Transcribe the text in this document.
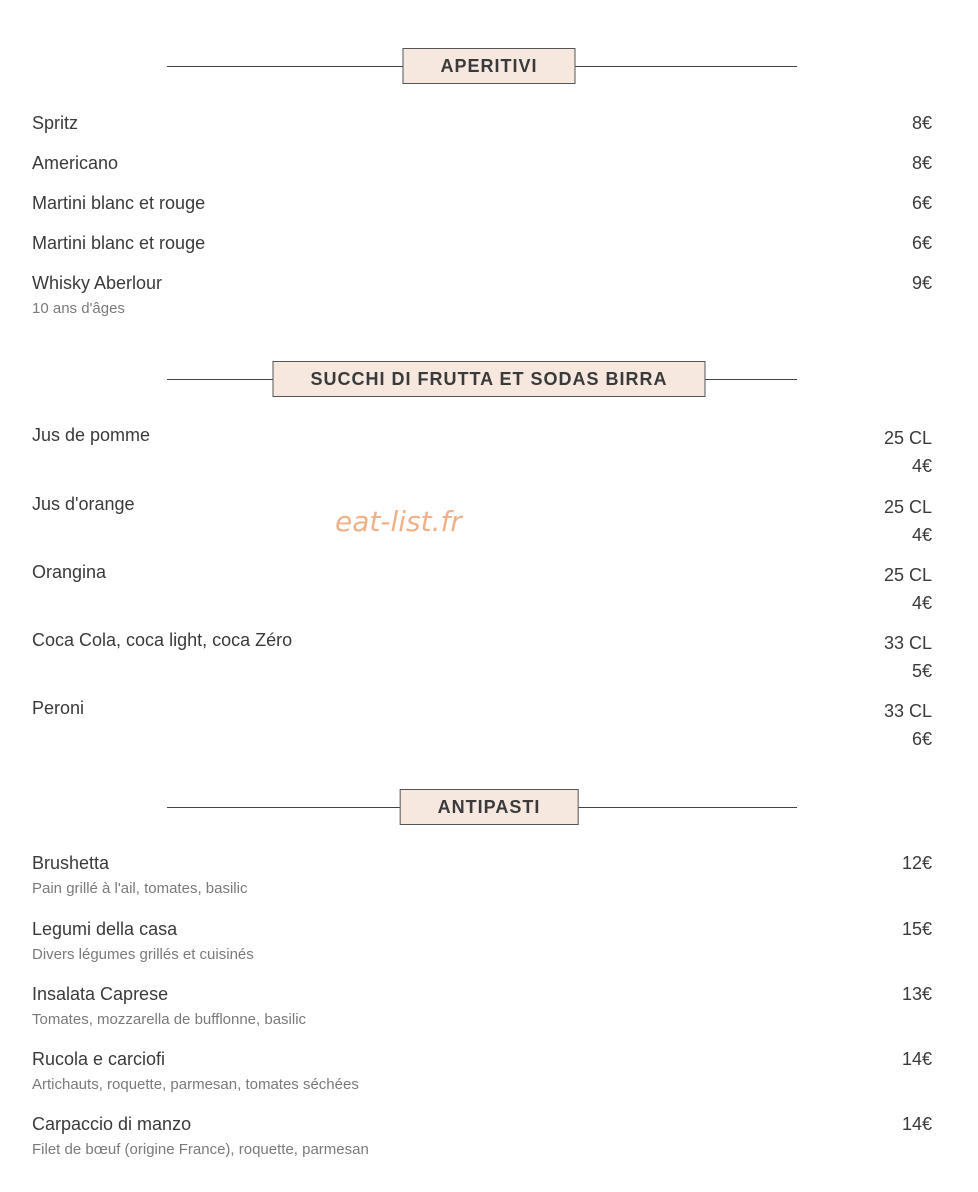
APERITIVI
Spritz	8€
Americano	8€
Martini blanc et rouge	6€
Martini blanc et rouge	6€
Whisky Aberlour
10 ans d'âges
9€
SUCCHI DI FRUTTA ET SODAS BIRRA
Jus de pomme	25 CL
4€
Jus d'orange	25 CL
4€
Orangina	25 CL
4€
Coca Cola, coca light, coca Zéro	33 CL
5€
Peroni	33 CL
6€
eat-list.fr
ANTIPASTI
Brushetta
Pain grillé à l'ail, tomates, basilic
12€
Legumi della casa
Divers légumes grillés et cuisinés
15€
Insalata Caprese
Tomates, mozzarella de bufflonne, basilic
13€
Rucola e carciofi
Artichauts, roquette, parmesan, tomates séchées
14€
Carpaccio di manzo
Filet de bœuf (origine France), roquette, parmesan
14€
